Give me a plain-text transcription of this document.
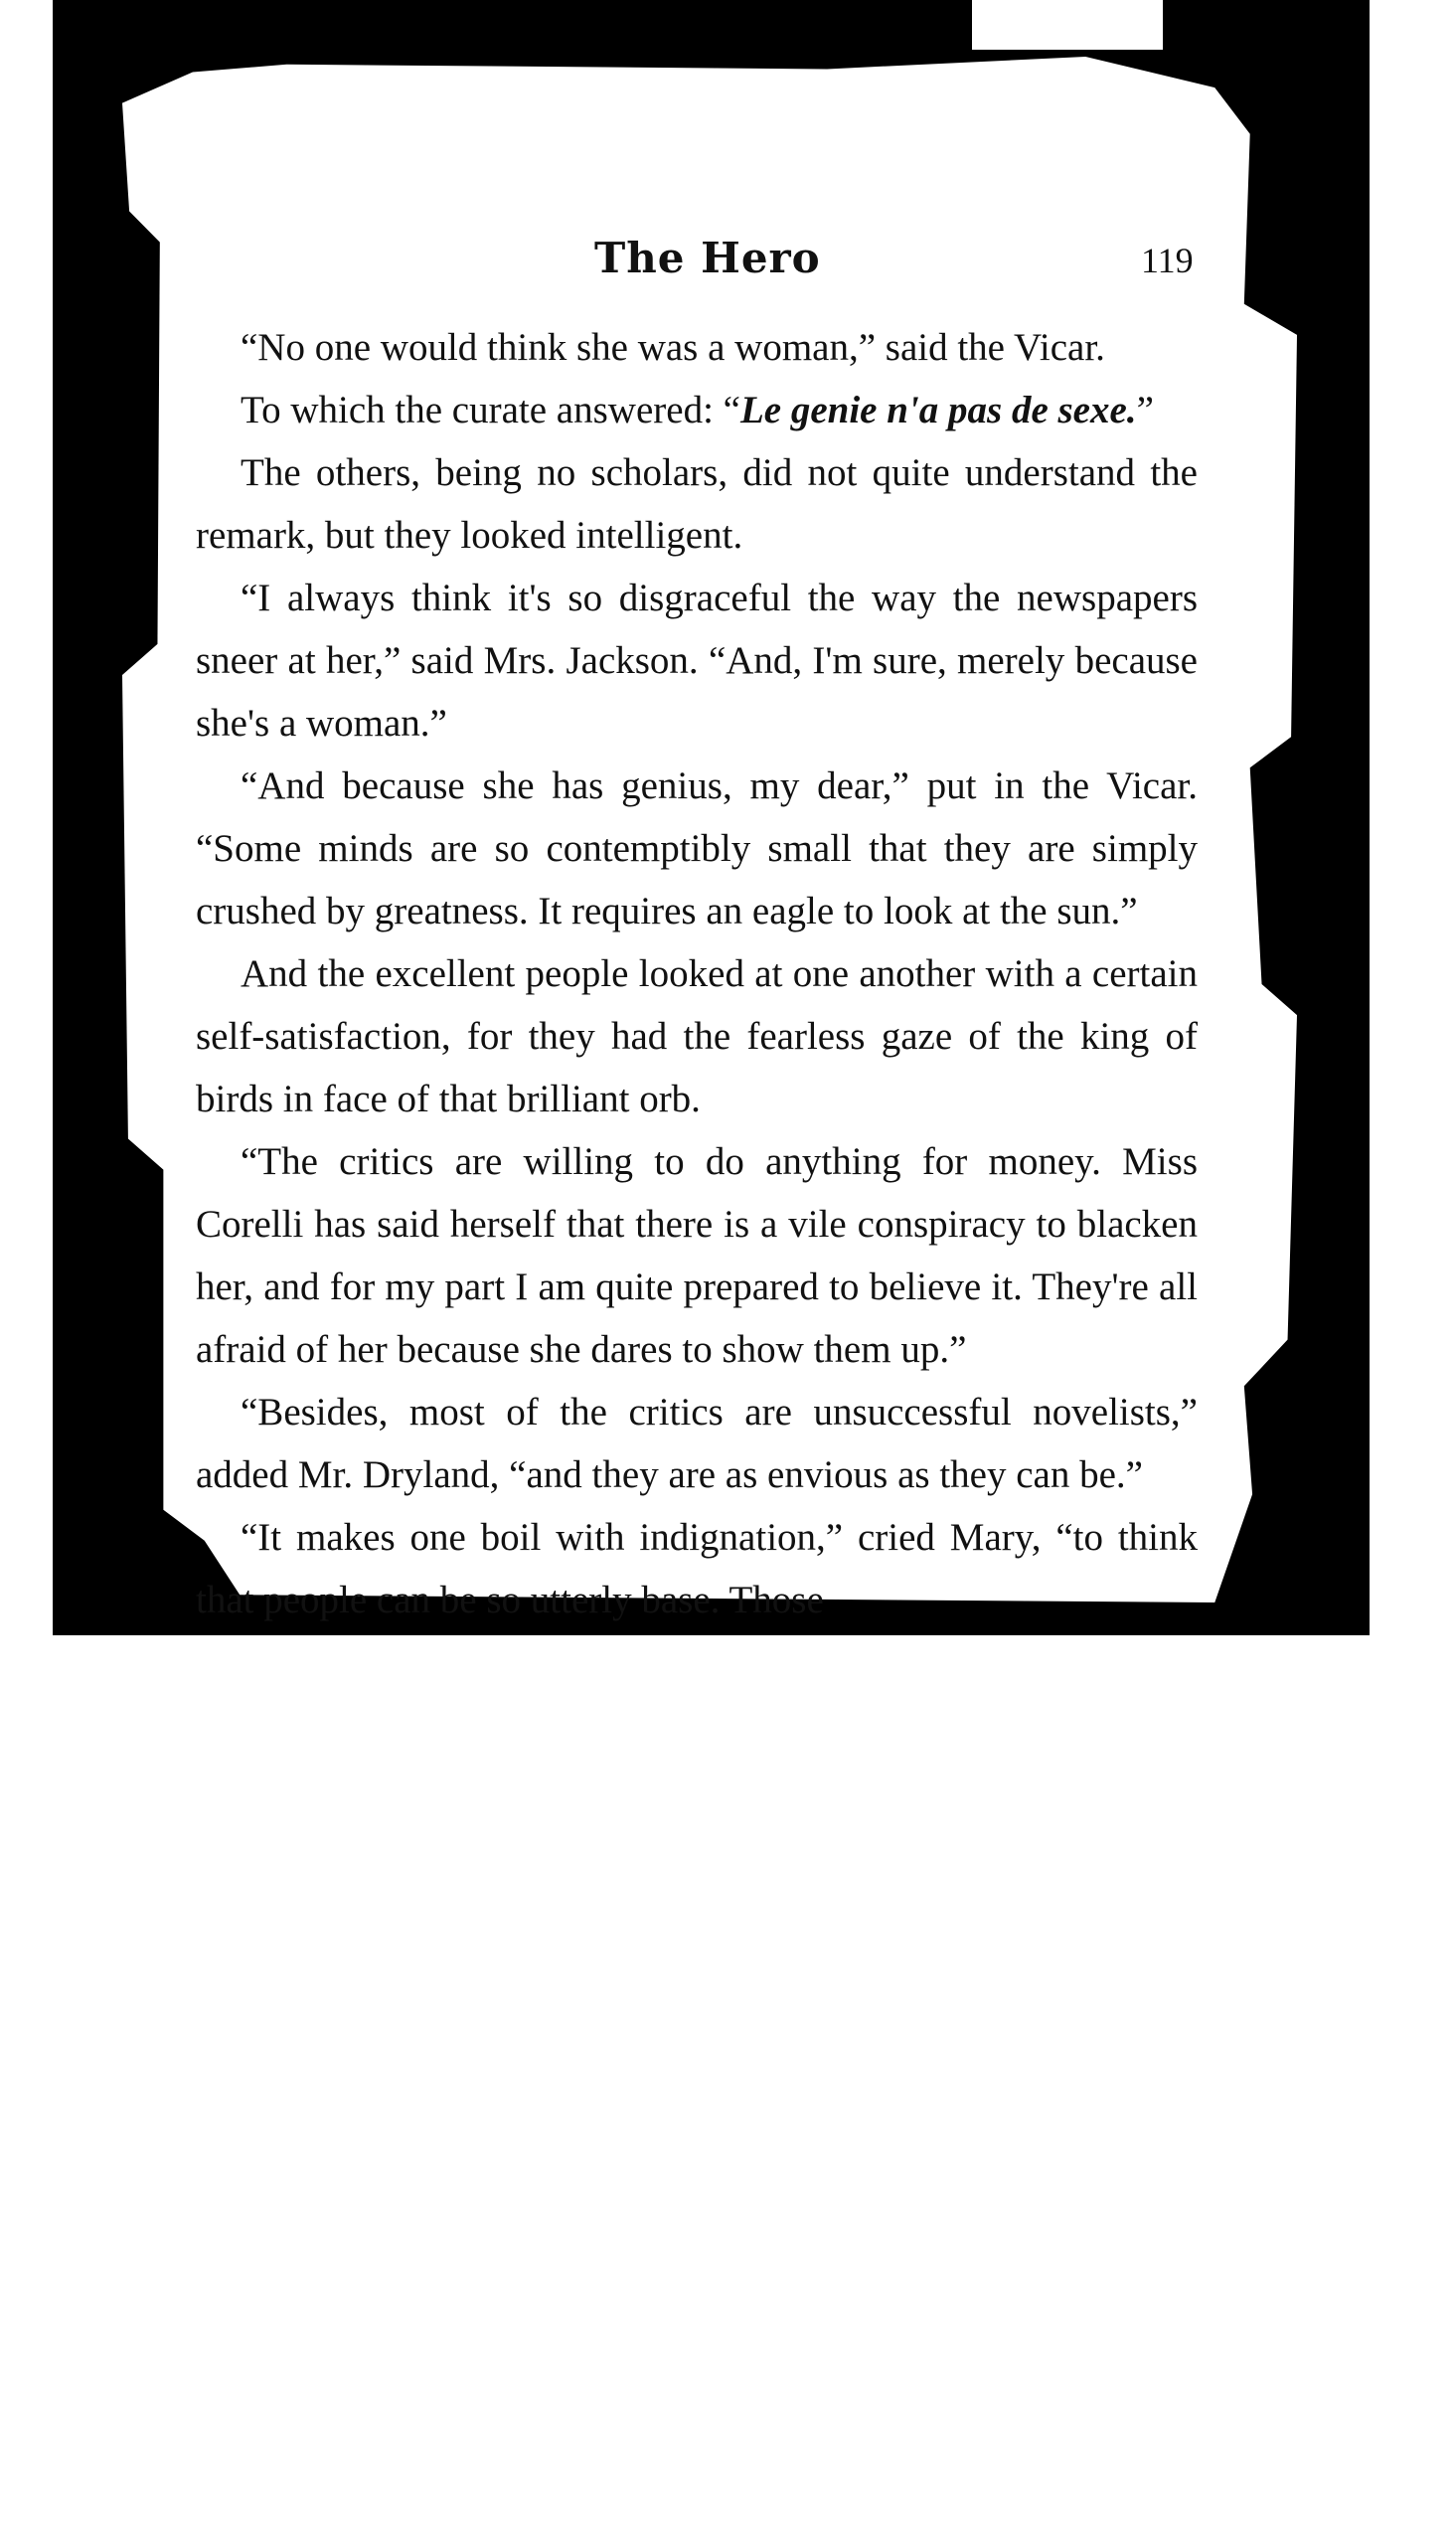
The Hero	119

“No one would think she was a woman,” said the Vicar.

To which the curate answered: “Le genie n'a pas de sexe.”

The others, being no scholars, did not quite understand the remark, but they looked intelligent.

“I always think it's so disgraceful the way the newspapers sneer at her,” said Mrs. Jackson. “And, I'm sure, merely because she's a woman.”

“And because she has genius, my dear,” put in the Vicar. “Some minds are so contemptibly small that they are simply crushed by greatness. It requires an eagle to look at the sun.”

And the excellent people looked at one another with a certain self-satisfaction, for they had the fearless gaze of the king of birds in face of that brilliant orb.

“The critics are willing to do anything for money. Miss Corelli has said herself that there is a vile conspiracy to blacken her, and for my part I am quite prepared to believe it. They're all afraid of her because she dares to show them up.”

“Besides, most of the critics are unsuccessful novelists,” added Mr. Dryland, “and they are as envious as they can be.”

“It makes one boil with indignation,” cried Mary, “to think that people can be so utterly base. Those
